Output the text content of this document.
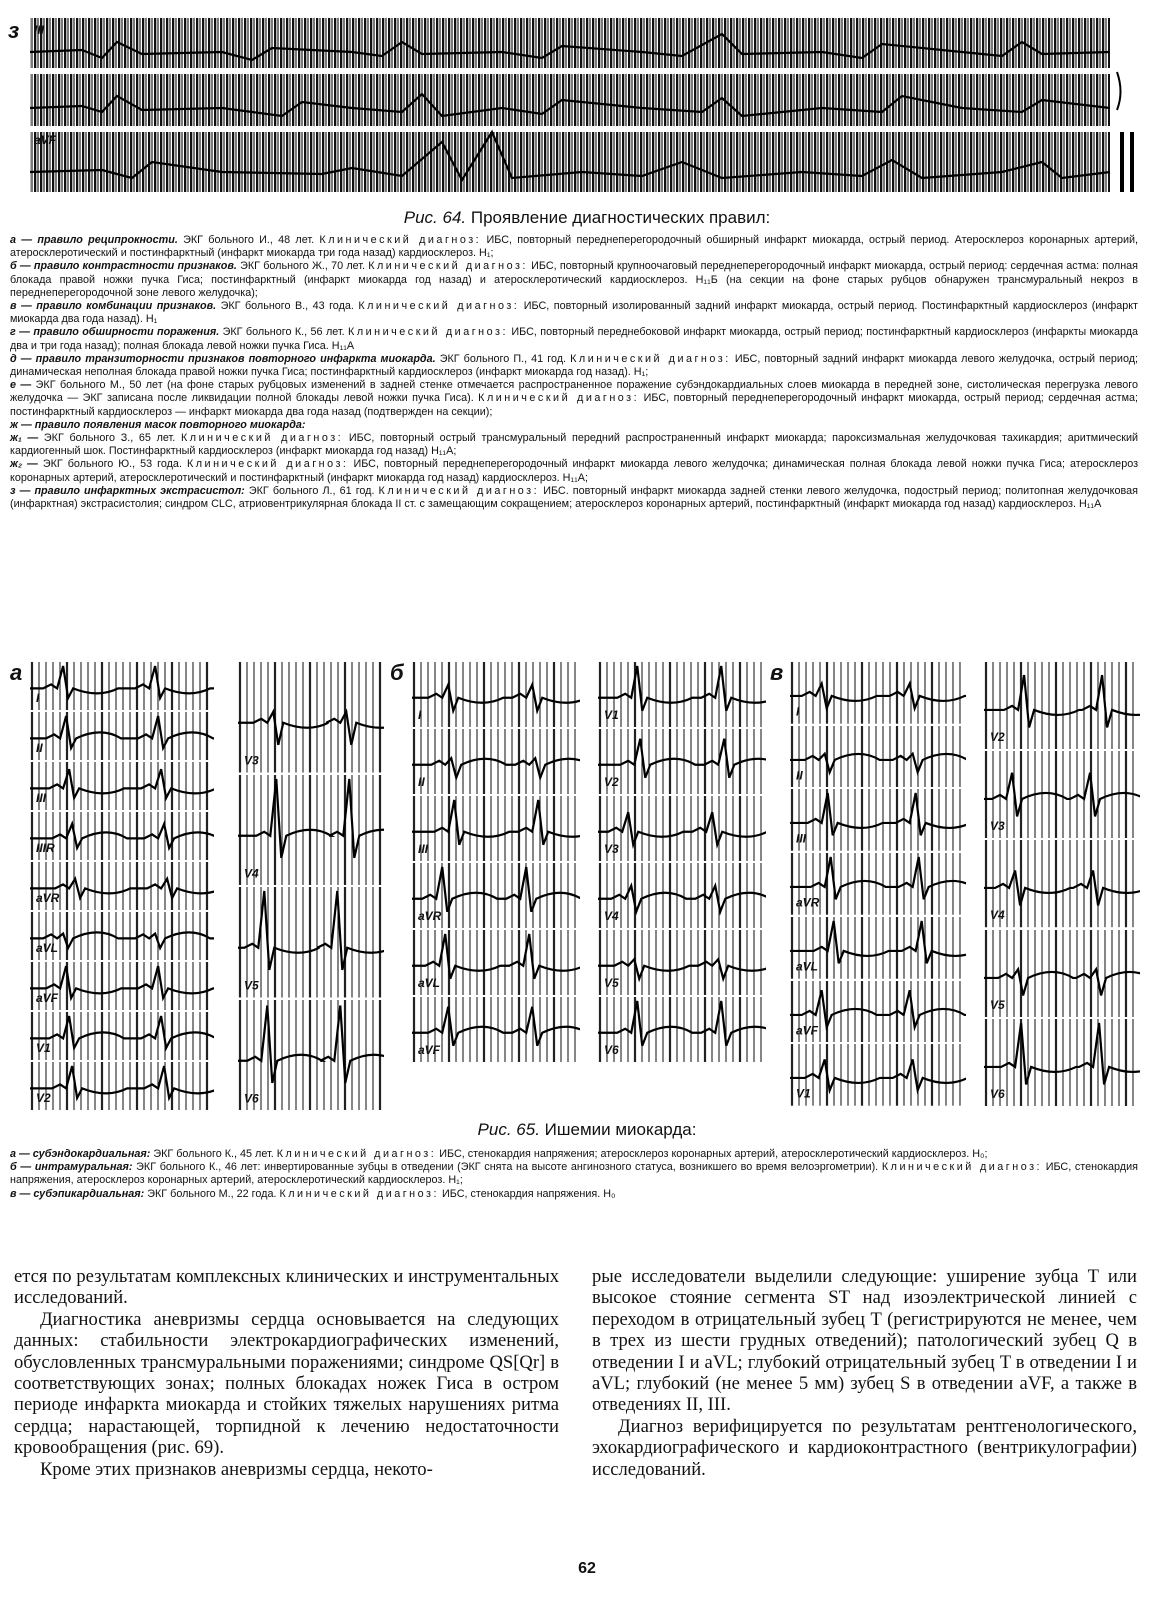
III
aVF
з
Рис. 64. Проявление диагностических правил:

а — правило реципрокности. ЭКГ больного И., 48 лет. Клинический диагноз: ИБС, повторный переднеперегородочный обширный инфаркт миокарда, острый период. Атеросклероз коронарных артерий, атеросклеротический и постинфарктный (инфаркт миокарда три года назад) кардиосклероз. H₁;

б — правило контрастности признаков. ЭКГ больного Ж., 70 лет. Клинический диагноз: ИБС, повторный крупноочаговый переднеперегородочный инфаркт миокарда, острый период: сердечная астма: полная блокада правой ножки пучка Гиса; постинфарктный (инфаркт миокарда год назад) и атеросклеротический кардиосклероз. H₁₁Б (на секции на фоне старых рубцов обнаружен трансмуральный некроз в переднеперегородочной зоне левого желудочка);

в — правило комбинации признаков. ЭКГ больного В., 43 года. Клинический диагноз: ИБС, повторный изолированный задний инфаркт миокарда, острый период. Постинфарктный кардиосклероз (инфаркт миокарда два года назад). H₁

г — правило обширности поражения. ЭКГ больного К., 56 лет. Клинический диагноз: ИБС, повторный переднебоковой инфаркт миокарда, острый период; постинфарктный кардиосклероз (инфаркты миокарда два и три года назад); полная блокада левой ножки пучка Гиса. H₁₁А

д — правило транзиторности признаков повторного инфаркта миокарда. ЭКГ больного П., 41 год. Клинический диагноз: ИБС, повторный задний инфаркт миокарда левого желудочка, острый период; динамическая неполная блокада правой ножки пучка Гиса; постинфарктный кардиосклероз (инфаркт миокарда год назад). H₁;

е — ЭКГ больного М., 50 лет (на фоне старых рубцовых изменений в задней стенке отмечается распространенное поражение субэндокардиальных слоев миокарда в передней зоне, систолическая перегрузка левого желудочка — ЭКГ записана после ликвидации полной блокады левой ножки пучка Гиса). Клинический диагноз: ИБС, повторный переднеперегородочный инфаркт миокарда, острый период; сердечная астма; постинфарктный кардиосклероз — инфаркт миокарда два года назад (подтвержден на секции);

ж — правило появления масок повторного миокарда:

ж₁ — ЭКГ больного З., 65 лет. Клинический диагноз: ИБС, повторный острый трансмуральный передний распространенный инфаркт миокарда; пароксизмальная желудочковая тахикардия; аритмический кардиогенный шок. Постинфарктный кардиосклероз (инфаркт миокарда год назад) H₁₁А;

ж₂ — ЭКГ больного Ю., 53 года. Клинический диагноз: ИБС, повторный переднеперегородочный инфаркт миокарда левого желудочка; динамическая полная блокада левой ножки пучка Гиса; атеросклероз коронарных артерий, атеросклеротический и постинфарктный (инфаркт миокарда год назад) кардиосклероз. H₁₁А;

з — правило инфарктных экстрасистол: ЭКГ больного Л., 61 год. Клинический диагноз: ИБС. повторный инфаркт миокарда задней стенки левого желудочка, подострый период; политопная желудочковая (инфарктная) экстрасистолия; синдром CLC, атриовентрикулярная блокада II ст. с замещающим сокращением; атеросклероз коронарных артерий, постинфарктный (инфаркт миокарда год назад) кардиосклероз. H₁₁А

I
II
III
IIIR
aVR
aVL
aVF
V1
V2
V3
V4
V5
V6
I
II
III
aVR
aVL
aVF
V1
V2
V3
V4
V5
V6
I
II
III
aVR
aVL
aVF
V1
V2
V3
V4
V5
V6
а	б	в
Рис. 65. Ишемии миокарда:

а — субэндокардиальная: ЭКГ больного К., 45 лет. Клинический диагноз: ИБС, стенокардия напряжения; атеросклероз коронарных артерий, атеросклеротический кардиосклероз. H₀;

б — интрамуральная: ЭКГ больного К., 46 лет: инвертированные зубцы в отведении (ЭКГ снята на высоте ангинозного статуса, возникшего во время велоэргометрии). Клинический диагноз: ИБС, стенокардия напряжения, атеросклероз коронарных артерий, атеросклеротический кардиосклероз. H₁;

в — субэпикардиальная: ЭКГ больного М., 22 года. Клинический диагноз: ИБС, стенокардия напряжения. H₀

ется по результатам комплексных клинических и инструментальных исследований.

Диагностика аневризмы сердца основывается на следующих данных: стабильности электрокардиографических изменений, обусловленных трансмуральными поражениями; синдроме QS[Qr] в соответствующих зонах; полных блокадах ножек Гиса в остром периоде инфаркта миокарда и стойких тяжелых нарушениях ритма сердца; нарастающей, торпидной к лечению недостаточности кровообращения (рис. 69).

Кроме этих признаков аневризмы сердца, некото-

рые исследователи выделили следующие: уширение зубца T или высокое стояние сегмента ST над изоэлектрической линией с переходом в отрицательный зубец T (регистрируются не менее, чем в трех из шести грудных отведений); патологический зубец Q в отведении I и aVL; глубокий отрицательный зубец T в отведении I и aVL; глубокий (не менее 5 мм) зубец S в отведении aVF, а также в отведениях II, III.

Диагноз верифицируется по результатам рентгенологического, эхокардиографического и кардиоконтрастного (вентрикулографии) исследований.

62
